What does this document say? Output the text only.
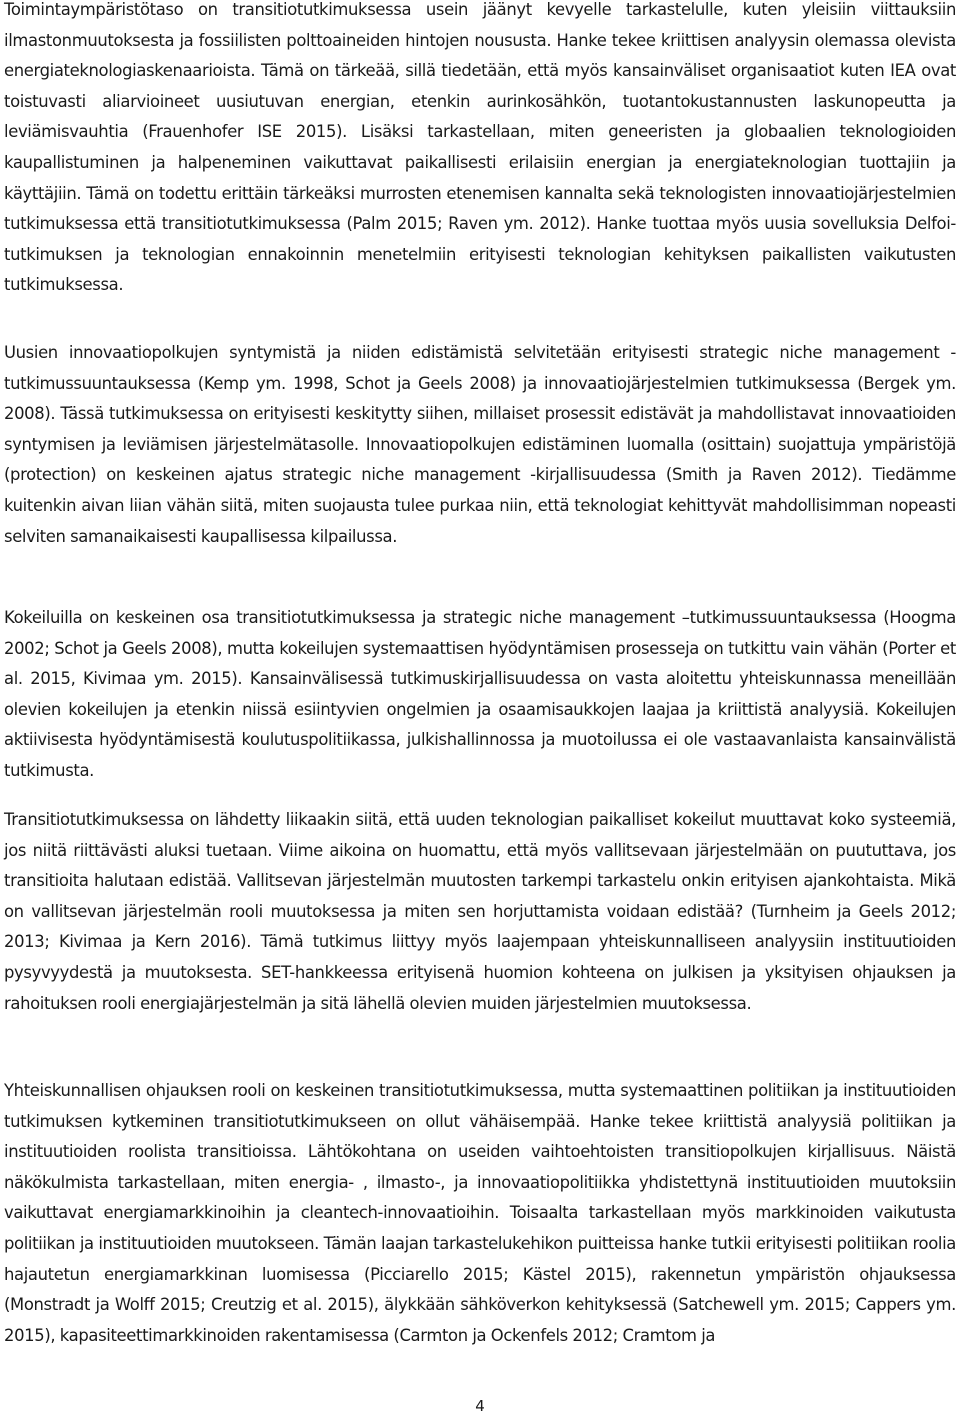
Toimintaympäristötaso on transitiotutkimuksessa usein jäänyt kevyelle tarkastelulle, kuten yleisiin viittauksiin ilmastonmuutoksesta ja fossiilisten polttoaineiden hintojen noususta. Hanke tekee kriittisen analyysin olemassa olevista energiateknologiaskenaarioista. Tämä on tärkeää, sillä tiedetään, että myös kansainväliset organisaatiot kuten IEA ovat toistuvasti aliarvioineet uusiutuvan energian, etenkin aurinkosähkön, tuotantokustannusten laskunopeutta ja leviämisvauhtia (Frauenhofer ISE 2015). Lisäksi tarkastellaan, miten geneeristen ja globaalien teknologioiden kaupallistuminen ja halpeneminen vaikuttavat paikallisesti erilaisiin energian ja energiateknologian tuottajiin ja käyttäjiin. Tämä on todettu erittäin tärkeäksi murrosten etenemisen kannalta sekä teknologisten innovaatiojärjestelmien tutkimuksessa että transitiotutkimuksessa (Palm 2015; Raven ym. 2012). Hanke tuottaa myös uusia sovelluksia Delfoi-tutkimuksen ja teknologian ennakoinnin menetelmiin erityisesti teknologian kehityksen paikallisten vaikutusten tutkimuksessa.

Uusien innovaatiopolkujen syntymistä ja niiden edistämistä selvitetään erityisesti strategic niche management -tutkimussuuntauksessa (Kemp ym. 1998, Schot ja Geels 2008) ja innovaatiojärjestelmien tutkimuksessa (Bergek ym. 2008). Tässä tutkimuksessa on erityisesti keskitytty siihen, millaiset prosessit edistävät ja mahdollistavat innovaatioiden syntymisen ja leviämisen järjestelmätasolle. Innovaatiopolkujen edistäminen luomalla (osittain) suojattuja ympäristöjä (protection) on keskeinen ajatus strategic niche management -kirjallisuudessa (Smith ja Raven 2012). Tiedämme kuitenkin aivan liian vähän siitä, miten suojausta tulee purkaa niin, että teknologiat kehittyvät mahdollisimman nopeasti selviten samanaikaisesti kaupallisessa kilpailussa.

Kokeiluilla on keskeinen osa transitiotutkimuksessa ja strategic niche management –tutkimussuuntauksessa (Hoogma 2002; Schot ja Geels 2008), mutta kokeilujen systemaattisen hyödyntämisen prosesseja on tutkittu vain vähän (Porter et al. 2015, Kivimaa ym. 2015). Kansainvälisessä tutkimuskirjallisuudessa on vasta aloitettu yhteiskunnassa meneillään olevien kokeilujen ja etenkin niissä esiintyvien ongelmien ja osaamisaukkojen laajaa ja kriittistä analyysiä. Kokeilujen aktiivisesta hyödyntämisestä koulutuspolitiikassa, julkishallinnossa ja muotoilussa ei ole vastaavanlaista kansainvälistä tutkimusta.

Transitiotutkimuksessa on lähdetty liikaakin siitä, että uuden teknologian paikalliset kokeilut muuttavat koko systeemiä, jos niitä riittävästi aluksi tuetaan. Viime aikoina on huomattu, että myös vallitsevaan järjestelmään on puututtava, jos transitioita halutaan edistää. Vallitsevan järjestelmän muutosten tarkempi tarkastelu onkin erityisen ajankohtaista. Mikä on vallitsevan järjestelmän rooli muutoksessa ja miten sen horjuttamista voidaan edistää? (Turnheim ja Geels 2012; 2013; Kivimaa ja Kern 2016). Tämä tutkimus liittyy myös laajempaan yhteiskunnalliseen analyysiin instituutioiden pysyvyydestä ja muutoksesta. SET-hankkeessa erityisenä huomion kohteena on julkisen ja yksityisen ohjauksen ja rahoituksen rooli energiajärjestelmän ja sitä lähellä olevien muiden järjestelmien muutoksessa.

Yhteiskunnallisen ohjauksen rooli on keskeinen transitiotutkimuksessa, mutta systemaattinen politiikan ja instituutioiden tutkimuksen kytkeminen transitiotutkimukseen on ollut vähäisempää. Hanke tekee kriittistä analyysiä politiikan ja instituutioiden roolista transitioissa. Lähtökohtana on useiden vaihtoehtoisten transitiopolkujen kirjallisuus. Näistä näkökulmista tarkastellaan, miten energia- , ilmasto-, ja innovaatiopolitiikka yhdistettynä instituutioiden muutoksiin vaikuttavat energiamarkkinoihin ja cleantech-innovaatioihin. Toisaalta tarkastellaan myös markkinoiden vaikutusta politiikan ja instituutioiden muutokseen. Tämän laajan tarkastelukehikon puitteissa hanke tutkii erityisesti politiikan roolia hajautetun energiamarkkinan luomisessa (Picciarello 2015; Kästel 2015), rakennetun ympäristön ohjauksessa (Monstradt ja Wolff 2015; Creutzig et al. 2015), älykkään sähköverkon kehityksessä (Satchewell ym. 2015; Cappers ym. 2015), kapasiteettimarkkinoiden rakentamisessa (Carmton ja Ockenfels 2012; Cramtom ja

4
